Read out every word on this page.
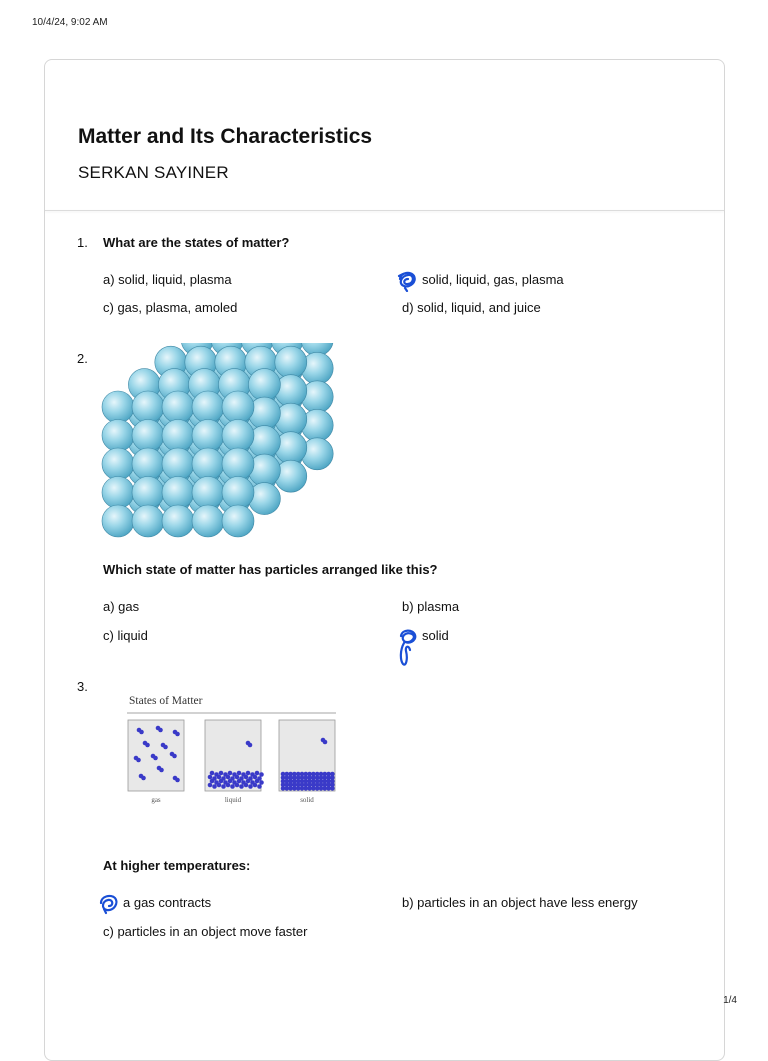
10/4/24, 9:02 AM
Matter and Its Characteristics
SERKAN SAYINER
1. What are the states of matter?
a) solid, liquid, plasma	solid, liquid, gas, plasma
c) gas, plasma, amoled	d) solid, liquid, and juice
2.
Which state of matter has particles arranged like this?
a) gas	b) plasma
c) liquid	solid
3.
States of Matter
gas	liquid	solid
At higher temperatures:
a gas contracts	b) particles in an object have less energy
c) particles in an object move faster
1/4
